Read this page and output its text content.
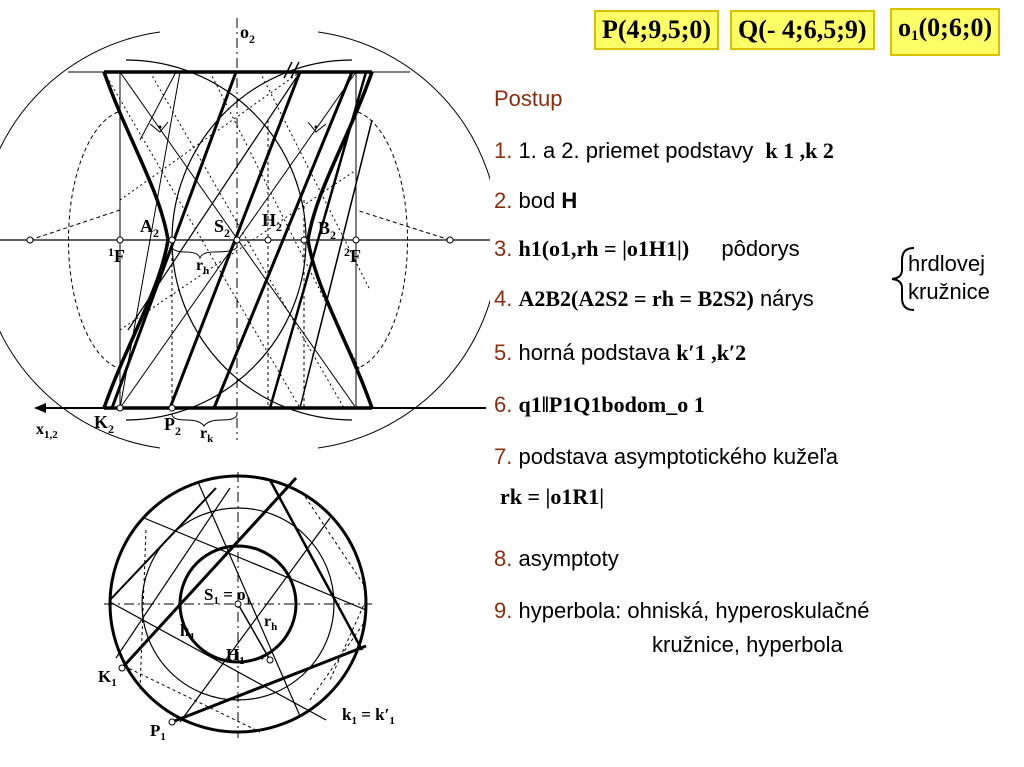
P(4;9,5;0)	Q(- 4;6,5;9)	$o_1(0;6;0)$
Postup
1. 1. a 2. priemet podstavy k 1 ,k 2
2. bod H
3. h1(o1,rh = |o1H1|) pôdorys
4. A2B2(A2S2 = rh = B2S2) nárys
5. horná podstava k′1 ,k′2
6. q1‖P1Q1bodom_o 1
7. podstava asymptotického kužeľa
rk = |o1R1|
8. asymptoty
9. hyperbola: ohniská, hyperoskulačné
kružnice, hyperbola
hrdlovej
kružnice
$o_2$
$A_2$	$S_2$
$H_2$ $B_2$
$^1$F	$^2$F
$r_h$
$x_{1,2}$
$K_2$	$P_2$ $r_k$
$S_1 = o_1$
$r_h$
$h_1$
$H_1$
$K_1$
$P_1$
$k_1 = k'_1$
